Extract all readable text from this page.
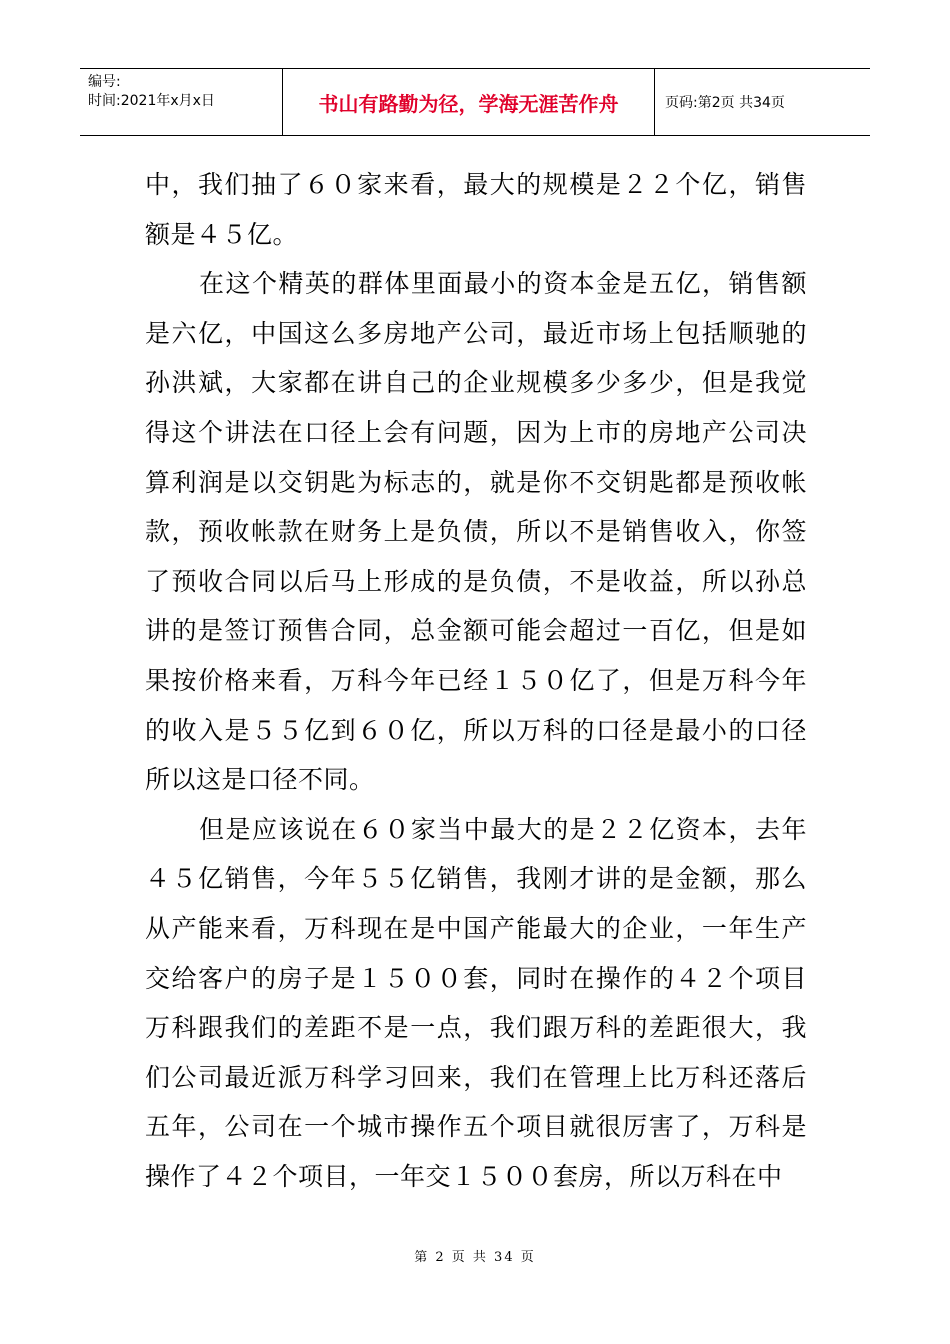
编号:
时间:2021年x月x日	书山有路勤为径，学海无涯苦作舟	页码:第2页 共34页

中，我们抽了６０家来看，最大的规模是２２个亿，销售额是４５亿。

在这个精英的群体里面最小的资本金是五亿，销售额是六亿，中国这么多房地产公司，最近市场上包括顺驰的孙洪斌，大家都在讲自己的企业规模多少多少，但是我觉得这个讲法在口径上会有问题，因为上市的房地产公司决算利润是以交钥匙为标志的，就是你不交钥匙都是预收帐款，预收帐款在财务上是负债，所以不是销售收入，你签了预收合同以后马上形成的是负债，不是收益，所以孙总讲的是签订预售合同，总金额可能会超过一百亿，但是如果按价格来看，万科今年已经１５０亿了，但是万科今年的收入是５５亿到６０亿，所以万科的口径是最小的口径所以这是口径不同。

但是应该说在６０家当中最大的是２２亿资本，去年４５亿销售，今年５５亿销售，我刚才讲的是金额，那么从产能来看，万科现在是中国产能最大的企业，一年生产交给客户的房子是１５００套，同时在操作的４２个项目万科跟我们的差距不是一点，我们跟万科的差距很大，我们公司最近派万科学习回来，我们在管理上比万科还落后五年，公司在一个城市操作五个项目就很厉害了，万科是操作了４２个项目，一年交１５００套房，所以万科在中

第 2 页 共 34 页
